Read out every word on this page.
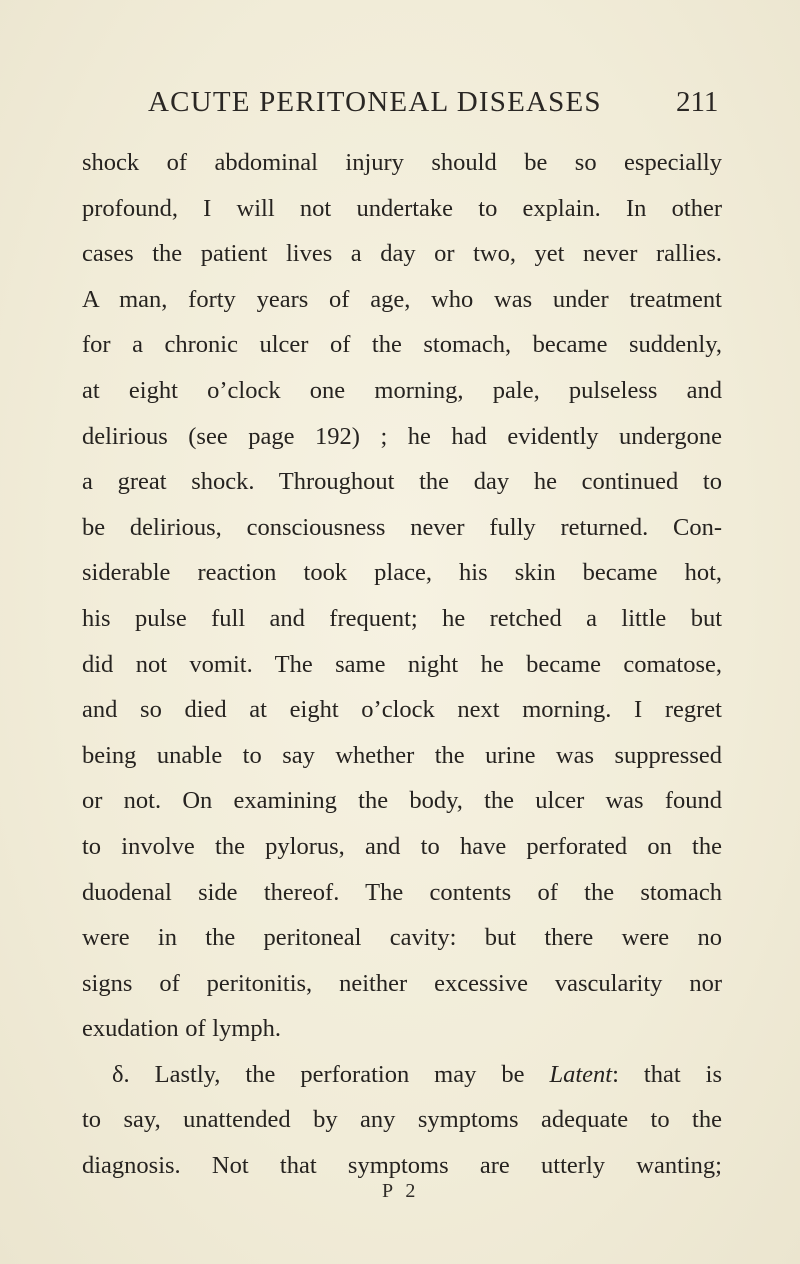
ACUTE PERITONEAL DISEASES	211
shock of abdominal injury should be so especially
profound, I will not undertake to explain. In other
cases the patient lives a day or two, yet never rallies.
A man, forty years of age, who was under treatment
for a chronic ulcer of the stomach, became suddenly,
at eight o’clock one morning, pale, pulseless and
delirious (see page 192) ; he had evidently undergone
a great shock. Throughout the day he continued to
be delirious, consciousness never fully returned. Con-
siderable reaction took place, his skin became hot,
his pulse full and frequent; he retched a little but
did not vomit. The same night he became comatose,
and so died at eight o’clock next morning. I regret
being unable to say whether the urine was suppressed
or not. On examining the body, the ulcer was found
to involve the pylorus, and to have perforated on the
duodenal side thereof. The contents of the stomach
were in the peritoneal cavity: but there were no
signs of peritonitis, neither excessive vascularity nor
exudation of lymph.
δ. Lastly, the perforation may be Latent: that is
to say, unattended by any symptoms adequate to the
diagnosis. Not that symptoms are utterly wanting;
P 2
